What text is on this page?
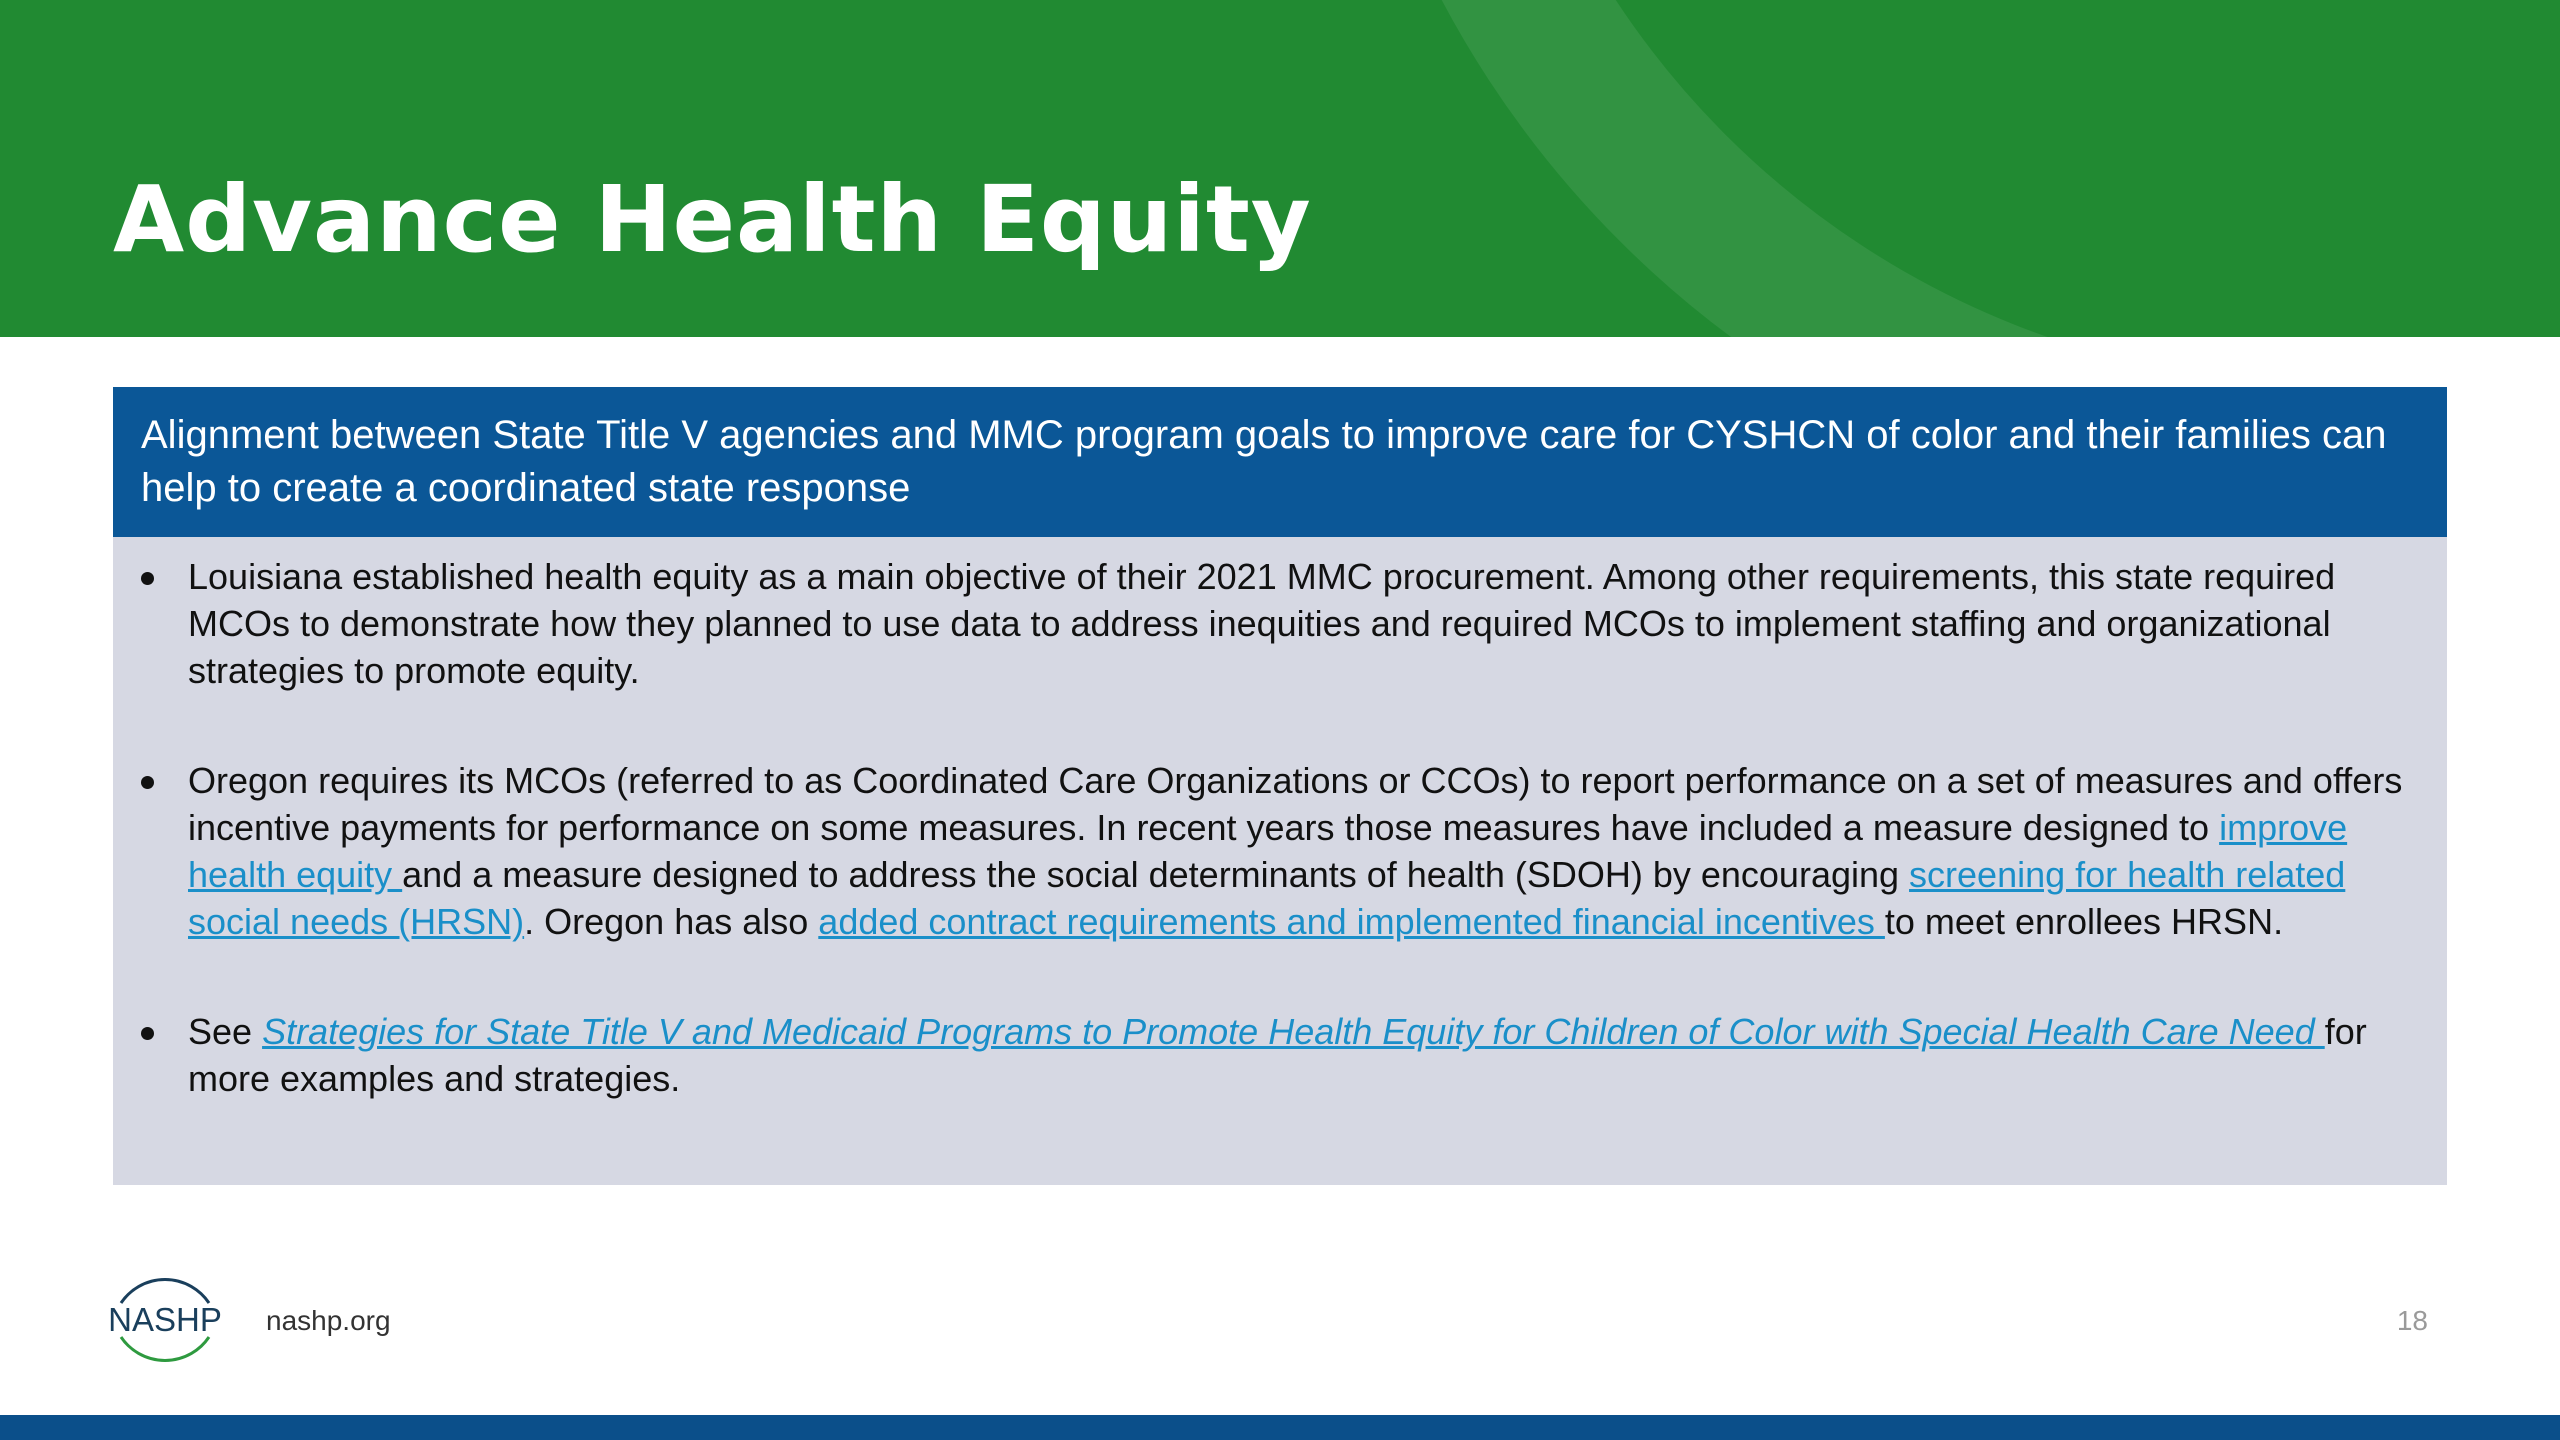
Advance Health Equity
Alignment between State Title V agencies and MMC program goals to improve care for CYSHCN of color and their families can help to create a coordinated state response
Louisiana established health equity as a main objective of their 2021 MMC procurement. Among other requirements, this state required MCOs to demonstrate how they planned to use data to address inequities and required MCOs to implement staffing and organizational strategies to promote equity.
Oregon requires its MCOs (referred to as Coordinated Care Organizations or CCOs) to report performance on a set of measures and offers incentive payments for performance on some measures. In recent years those measures have included a measure designed to improve health equity and a measure designed to address the social determinants of health (SDOH) by encouraging screening for health related social needs (HRSN). Oregon has also added contract requirements and implemented financial incentives to meet enrollees HRSN.
See Strategies for State Title V and Medicaid Programs to Promote Health Equity for Children of Color with Special Health Care Need for more examples and strategies.
NASHP nashp.org	18
